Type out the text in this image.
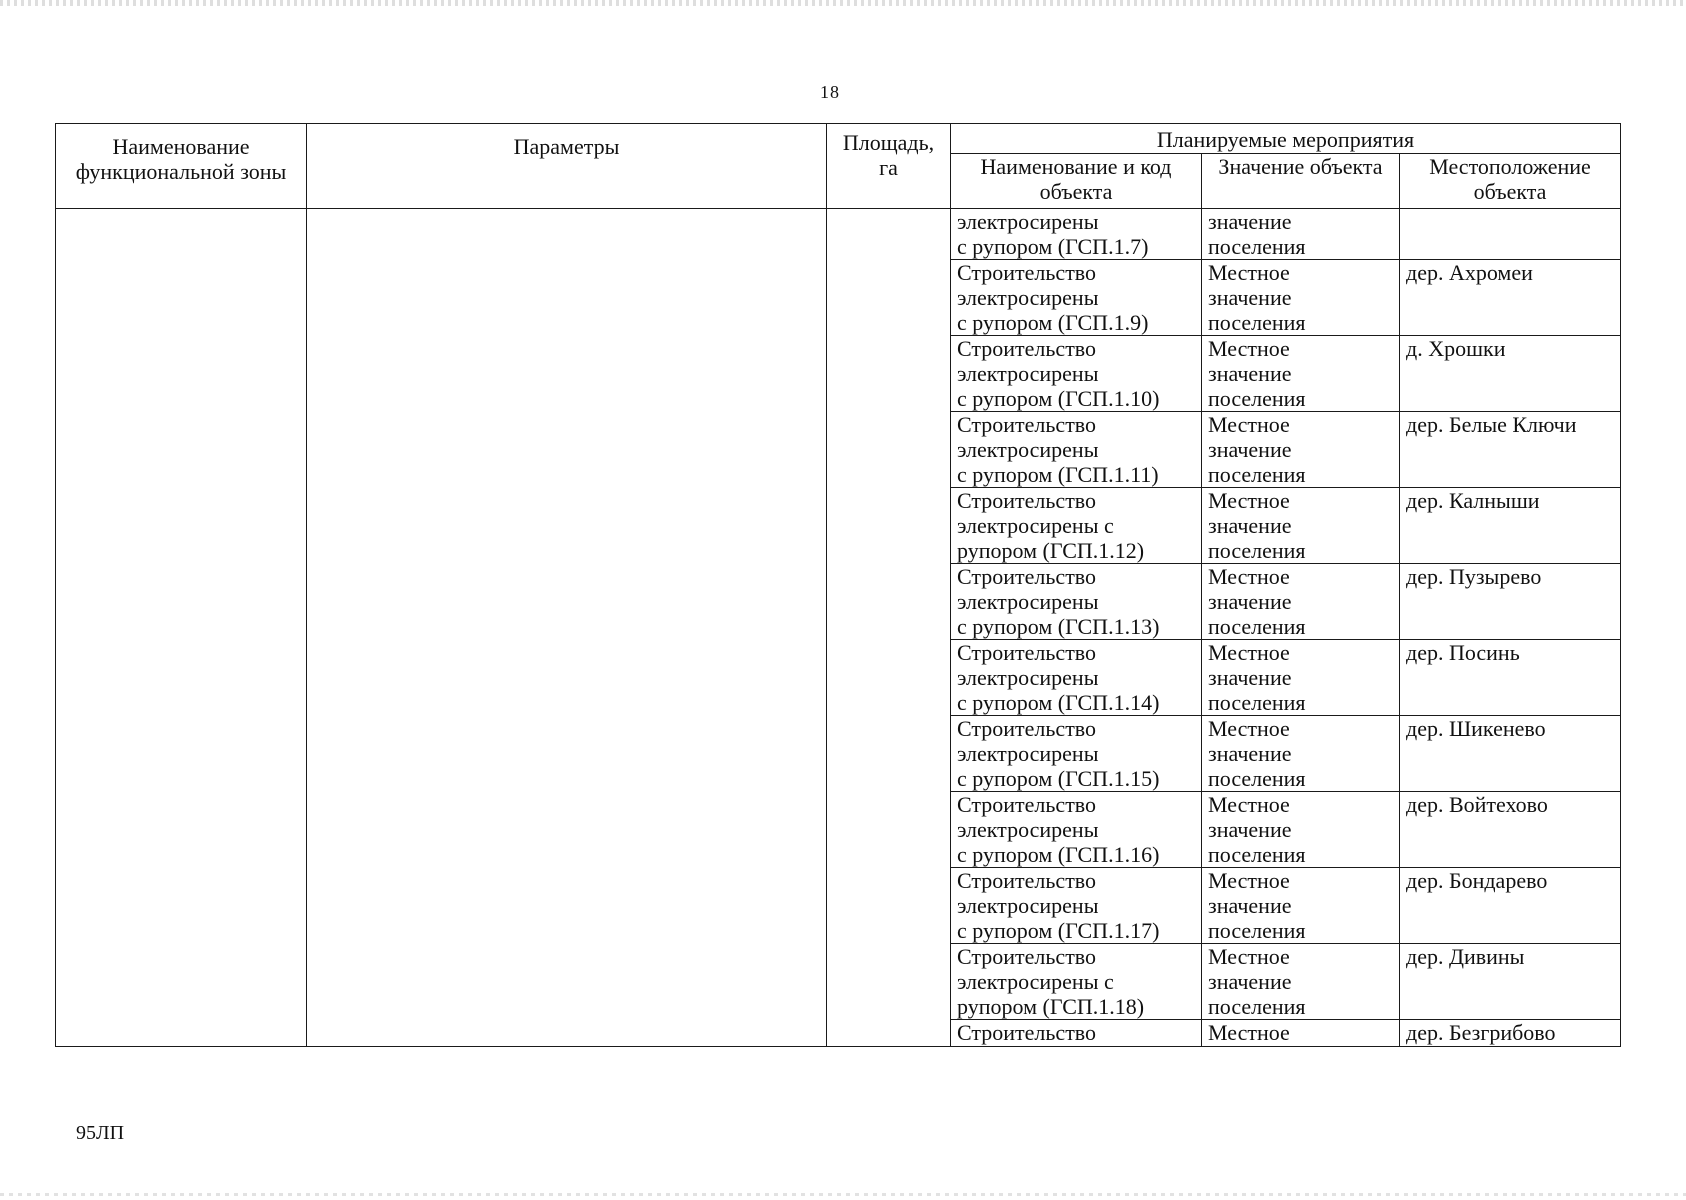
18
Наименование функциональной зоны	Параметры	Площадь, га	Планируемые мероприятия		
			Наименование и код объекта	Значение объекта	Местоположение объекта

			электросирены
с рупором (ГСП.1.7)	значение
поселения	

			Строительство
электросирены
с рупором (ГСП.1.9)	Местное
значение
поселения	дер. Ахромеи

			Строительство
электросирены
с рупором (ГСП.1.10)	Местное
значение
поселения	д. Хрошки

			Строительство
электросирены
с рупором (ГСП.1.11)	Местное
значение
поселения	дер. Белые Ключи

			Строительство
электросирены с
рупором (ГСП.1.12)	Местное
значение
поселения	дер. Калныши

			Строительство
электросирены
с рупором (ГСП.1.13)	Местное
значение
поселения	дер. Пузырево

			Строительство
электросирены
с рупором (ГСП.1.14)	Местное
значение
поселения	дер. Посинь

			Строительство
электросирены
с рупором (ГСП.1.15)	Местное
значение
поселения	дер. Шикенево

			Строительство
электросирены
с рупором (ГСП.1.16)	Местное
значение
поселения	дер. Войтехово

			Строительство
электросирены
с рупором (ГСП.1.17)	Местное
значение
поселения	дер. Бондарево

			Строительство
электросирены с
рупором (ГСП.1.18)	Местное
значение
поселения	дер. Дивины

			Строительство	Местное	дер. Безгрибово
95ЛП
